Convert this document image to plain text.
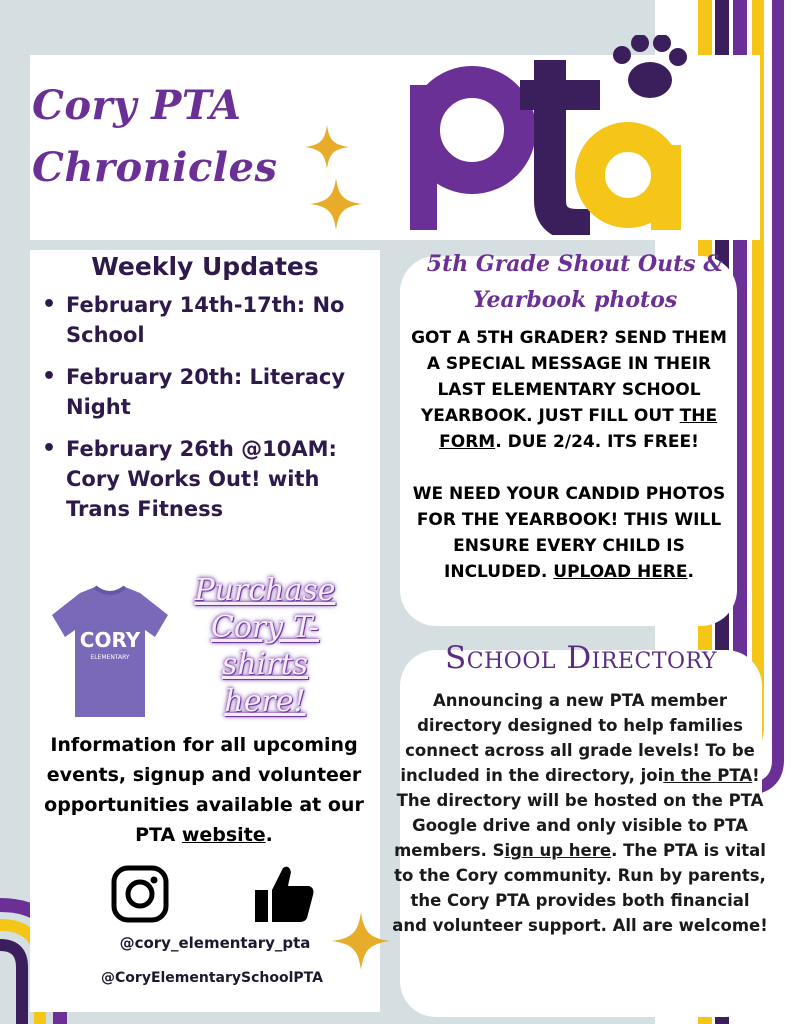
Cory PTA
Chronicles
Weekly Updates
• February 14th-17th: No School
• February 20th: Literacy Night
• February 26th @10AM: Cory Works Out! with Trans Fitness
CORY
ELEMENTARY
Purchase
Cory T-
shirts
here!
Information for all upcoming events, signup and volunteer opportunities available at our PTA website.
@cory_elementary_pta
@CoryElementarySchoolPTA
5th Grade Shout Outs & Yearbook photos

GOT A 5TH GRADER? SEND THEM A SPECIAL MESSAGE IN THEIR LAST ELEMENTARY SCHOOL YEARBOOK. JUST FILL OUT THE FORM. DUE 2/24. ITS FREE!

WE NEED YOUR CANDID PHOTOS FOR THE YEARBOOK! THIS WILL ENSURE EVERY CHILD IS INCLUDED. UPLOAD HERE.

School Directory
Announcing a new PTA member directory designed to help families connect across all grade levels! To be included in the directory, join the PTA! The directory will be hosted on the PTA Google drive and only visible to PTA members. Sign up here. The PTA is vital to the Cory community. Run by parents, the Cory PTA provides both financial and volunteer support. All are welcome!
